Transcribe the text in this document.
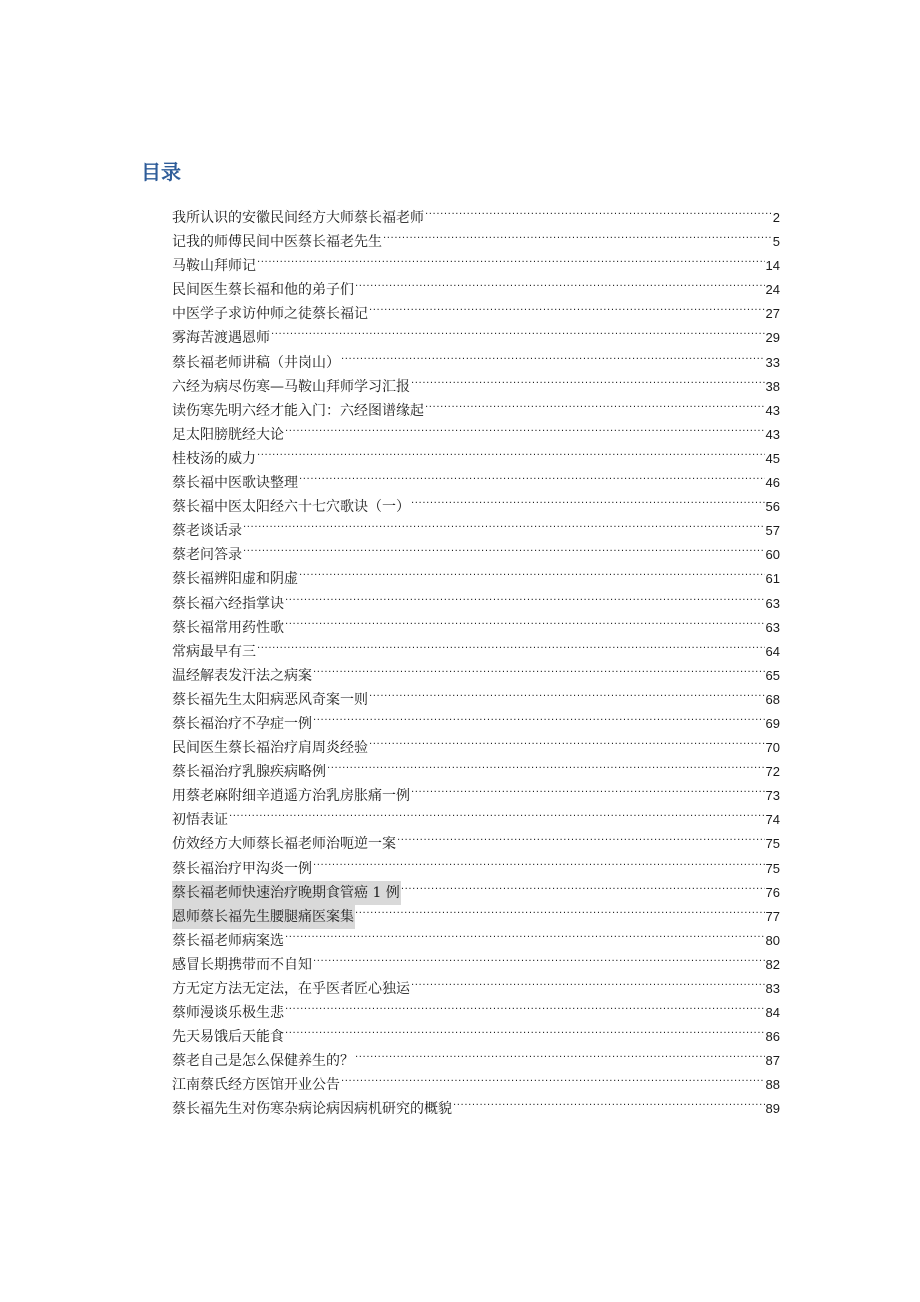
目录
我所认识的安徽民间经方大师蔡长福老师 .....	2
记我的师傅民间中医蔡长福老先生 .....	5
马鞍山拜师记 .....	14
民间医生蔡长福和他的弟子们 .....	24
中医学子求访仲师之徒蔡长福记 .....	27
雾海苦渡遇恩师 .....	29
蔡长福老师讲稿（井岗山） .....	33
六经为病尽伤寒—马鞍山拜师学习汇报 .....	38
读伤寒先明六经才能入门：六经图谱缘起 .....	43
足太阳膀胱经大论 .....	43
桂枝汤的威力 .....	45
蔡长福中医歌诀整理 .....	46
蔡长福中医太阳经六十七穴歌诀（一） .....	56
蔡老谈话录 .....	57
蔡老问答录 .....	60
蔡长福辨阳虚和阴虚 .....	61
蔡长福六经指掌诀 .....	63
蔡长福常用药性歌 .....	63
常病最早有三 .....	64
温经解表发汗法之病案 .....	65
蔡长福先生太阳病恶风奇案一则 .....	68
蔡长福治疗不孕症一例 .....	69
民间医生蔡长福治疗肩周炎经验 .....	70
蔡长福治疗乳腺疾病略例 .....	72
用蔡老麻附细辛逍遥方治乳房胀痛一例 .....	73
初悟表证 .....	74
仿效经方大师蔡长福老师治呃逆一案 .....	75
蔡长福治疗甲沟炎一例 .....	75
蔡长福老师快速治疗晚期食管癌 1 例 .....	76
恩师蔡长福先生腰腿痛医案集 .....	77
蔡长福老师病案选 .....	80
感冒长期携带而不自知 .....	82
方无定方法无定法，在乎医者匠心独运 .....	83
蔡师漫谈乐极生悲 .....	84
先天易饿后天能食 .....	86
蔡老自己是怎么保健养生的？ .....	87
江南蔡氏经方医馆开业公告 .....	88
蔡长福先生对伤寒杂病论病因病机研究的概貌 .....	89
